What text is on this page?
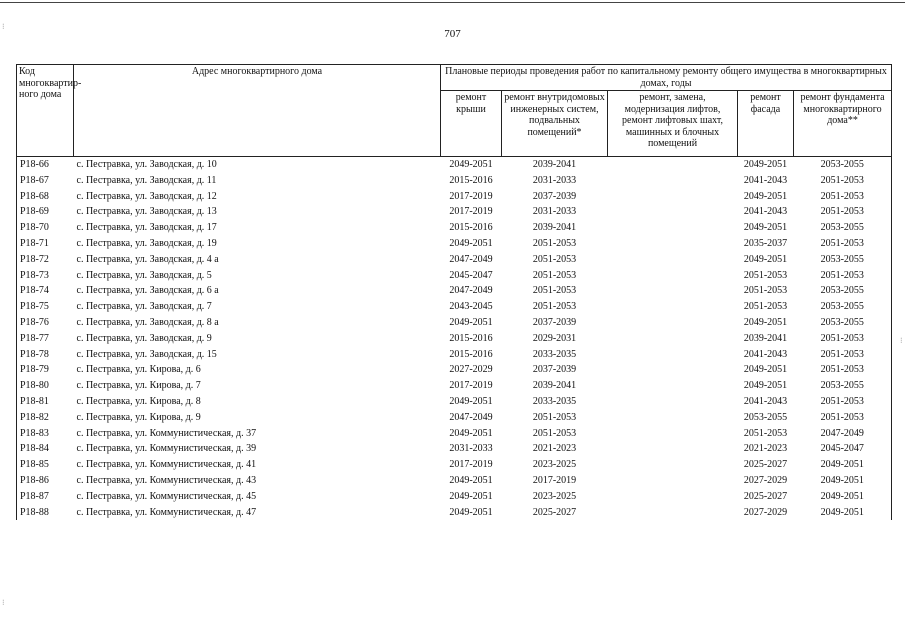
707
Код многоквартир-ного дома	Адрес многоквартирного дома	Плановые периоды проведения работ по капитальному ремонту общего имущества в многоквартирных домах, годы				
		ремонт крыши	ремонт внутридомовых инженерных систем, подвальных помещений*	ремонт, замена, модернизация лифтов, ремонт лифтовых шахт, машинных и блочных помещений	ремонт фасада	ремонт фундамента многоквартирного дома**
Р18-66	с. Пестравка, ул. Заводская, д. 10	2049-2051	2039-2041		2049-2051	2053-2055
Р18-67	с. Пестравка, ул. Заводская, д. 11	2015-2016	2031-2033		2041-2043	2051-2053
Р18-68	с. Пестравка, ул. Заводская, д. 12	2017-2019	2037-2039		2049-2051	2051-2053
Р18-69	с. Пестравка, ул. Заводская, д. 13	2017-2019	2031-2033		2041-2043	2051-2053
Р18-70	с. Пестравка, ул. Заводская, д. 17	2015-2016	2039-2041		2049-2051	2053-2055
Р18-71	с. Пестравка, ул. Заводская, д. 19	2049-2051	2051-2053		2035-2037	2051-2053
Р18-72	с. Пестравка, ул. Заводская, д. 4 а	2047-2049	2051-2053		2049-2051	2053-2055
Р18-73	с. Пестравка, ул. Заводская, д. 5	2045-2047	2051-2053		2051-2053	2051-2053
Р18-74	с. Пестравка, ул. Заводская, д. 6 а	2047-2049	2051-2053		2051-2053	2053-2055
Р18-75	с. Пестравка, ул. Заводская, д. 7	2043-2045	2051-2053		2051-2053	2053-2055
Р18-76	с. Пестравка, ул. Заводская, д. 8 а	2049-2051	2037-2039		2049-2051	2053-2055
Р18-77	с. Пестравка, ул. Заводская, д. 9	2015-2016	2029-2031		2039-2041	2051-2053
Р18-78	с. Пестравка, ул. Заводская, д. 15	2015-2016	2033-2035		2041-2043	2051-2053
Р18-79	с. Пестравка, ул. Кирова, д. 6	2027-2029	2037-2039		2049-2051	2051-2053
Р18-80	с. Пестравка, ул. Кирова, д. 7	2017-2019	2039-2041		2049-2051	2053-2055
Р18-81	с. Пестравка, ул. Кирова, д. 8	2049-2051	2033-2035		2041-2043	2051-2053
Р18-82	с. Пестравка, ул. Кирова, д. 9	2047-2049	2051-2053		2053-2055	2051-2053
Р18-83	с. Пестравка, ул. Коммунистическая, д. 37	2049-2051	2051-2053		2051-2053	2047-2049
Р18-84	с. Пестравка, ул. Коммунистическая, д. 39	2031-2033	2021-2023		2021-2023	2045-2047
Р18-85	с. Пестравка, ул. Коммунистическая, д. 41	2017-2019	2023-2025		2025-2027	2049-2051
Р18-86	с. Пестравка, ул. Коммунистическая, д. 43	2049-2051	2017-2019		2027-2029	2049-2051
Р18-87	с. Пестравка, ул. Коммунистическая, д. 45	2049-2051	2023-2025		2025-2027	2049-2051
Р18-88	с. Пестравка, ул. Коммунистическая, д. 47	2049-2051	2025-2027		2027-2029	2049-2051
⁝
⁝
⁝
